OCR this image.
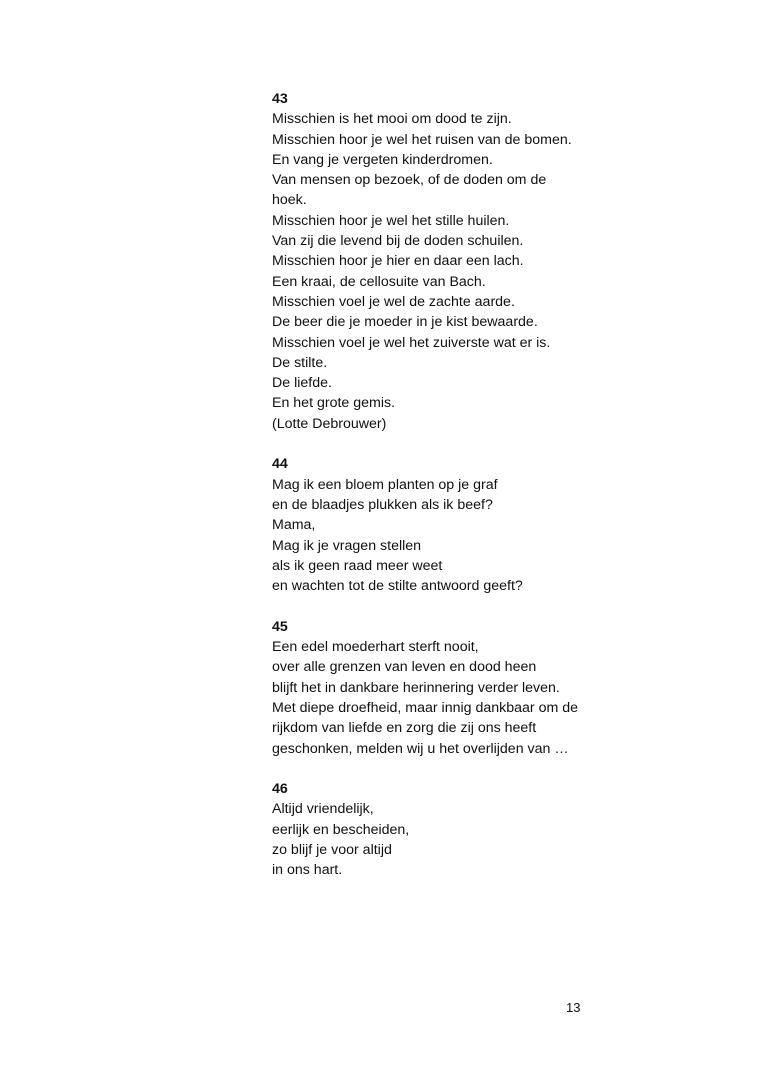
43
Misschien is het mooi om dood te zijn.
Misschien hoor je wel het ruisen van de bomen.
En vang je vergeten kinderdromen.
Van mensen op bezoek, of de doden om de
hoek.
Misschien hoor je wel het stille huilen.
Van zij die levend bij de doden schuilen.
Misschien hoor je hier en daar een lach.
Een kraai, de cellosuite van Bach.
Misschien voel je wel de zachte aarde.
De beer die je moeder in je kist bewaarde.
Misschien voel je wel het zuiverste wat er is.
De stilte.
De liefde.
En het grote gemis.
(Lotte Debrouwer)
44
Mag ik een bloem planten op je graf
en de blaadjes plukken als ik beef?
Mama,
Mag ik je vragen stellen
als ik geen raad meer weet
en wachten tot de stilte antwoord geeft?
45
Een edel moederhart sterft nooit,
over alle grenzen van leven en dood heen
blijft het in dankbare herinnering verder leven.
Met diepe droefheid, maar innig dankbaar om de
rijkdom van liefde en zorg die zij ons heeft
geschonken, melden wij u het overlijden van …
46
Altijd vriendelijk,
eerlijk en bescheiden,
zo blijf je voor altijd
in ons hart.
13
